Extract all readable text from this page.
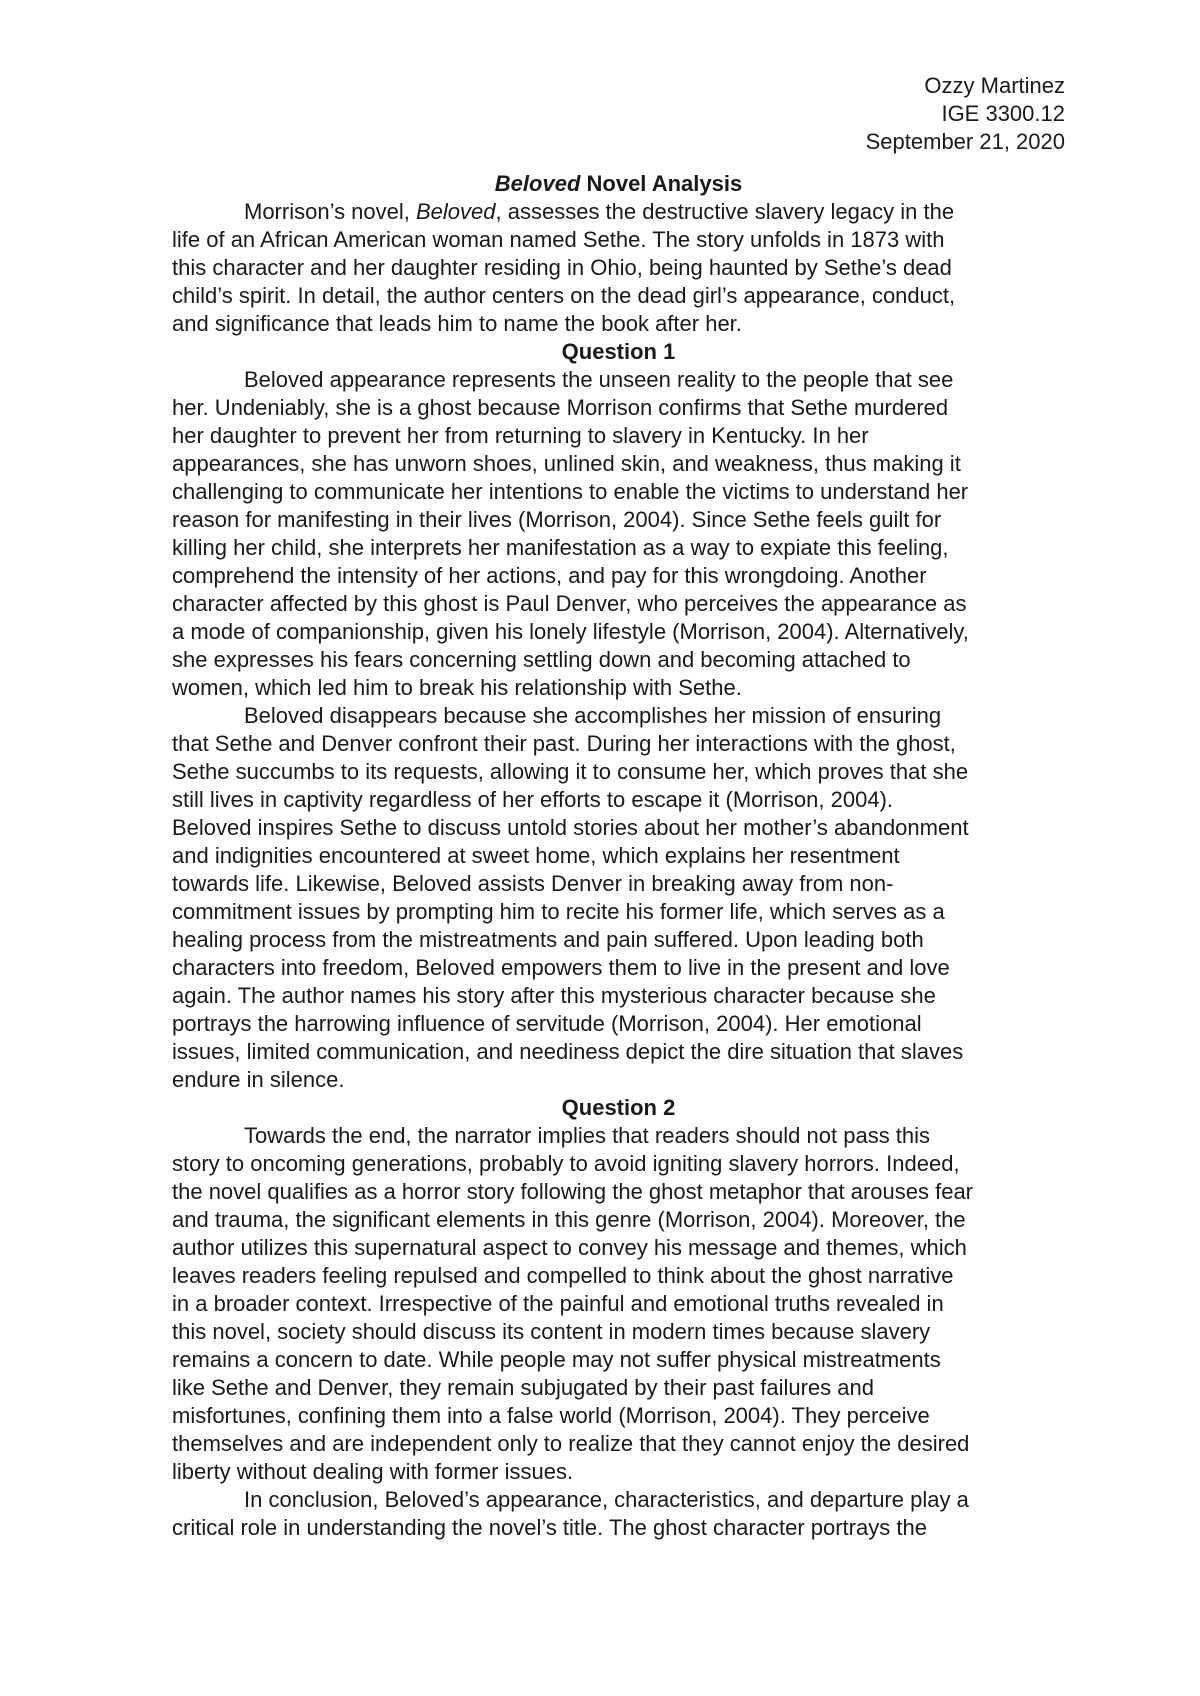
Ozzy Martinez
IGE 3300.12
September 21, 2020
Beloved Novel Analysis
Morrison’s novel, Beloved, assesses the destructive slavery legacy in the
life of an African American woman named Sethe. The story unfolds in 1873 with
this character and her daughter residing in Ohio, being haunted by Sethe’s dead
child’s spirit. In detail, the author centers on the dead girl’s appearance, conduct,
and significance that leads him to name the book after her.
Question 1
Beloved appearance represents the unseen reality to the people that see
her. Undeniably, she is a ghost because Morrison confirms that Sethe murdered
her daughter to prevent her from returning to slavery in Kentucky. In her
appearances, she has unworn shoes, unlined skin, and weakness, thus making it
challenging to communicate her intentions to enable the victims to understand her
reason for manifesting in their lives (Morrison, 2004). Since Sethe feels guilt for
killing her child, she interprets her manifestation as a way to expiate this feeling,
comprehend the intensity of her actions, and pay for this wrongdoing. Another
character affected by this ghost is Paul Denver, who perceives the appearance as
a mode of companionship, given his lonely lifestyle (Morrison, 2004). Alternatively,
she expresses his fears concerning settling down and becoming attached to
women, which led him to break his relationship with Sethe.
Beloved disappears because she accomplishes her mission of ensuring
that Sethe and Denver confront their past. During her interactions with the ghost,
Sethe succumbs to its requests, allowing it to consume her, which proves that she
still lives in captivity regardless of her efforts to escape it (Morrison, 2004).
Beloved inspires Sethe to discuss untold stories about her mother’s abandonment
and indignities encountered at sweet home, which explains her resentment
towards life. Likewise, Beloved assists Denver in breaking away from non-
commitment issues by prompting him to recite his former life, which serves as a
healing process from the mistreatments and pain suffered. Upon leading both
characters into freedom, Beloved empowers them to live in the present and love
again. The author names his story after this mysterious character because she
portrays the harrowing influence of servitude (Morrison, 2004). Her emotional
issues, limited communication, and neediness depict the dire situation that slaves
endure in silence.
Question 2
Towards the end, the narrator implies that readers should not pass this
story to oncoming generations, probably to avoid igniting slavery horrors. Indeed,
the novel qualifies as a horror story following the ghost metaphor that arouses fear
and trauma, the significant elements in this genre (Morrison, 2004). Moreover, the
author utilizes this supernatural aspect to convey his message and themes, which
leaves readers feeling repulsed and compelled to think about the ghost narrative
in a broader context. Irrespective of the painful and emotional truths revealed in
this novel, society should discuss its content in modern times because slavery
remains a concern to date. While people may not suffer physical mistreatments
like Sethe and Denver, they remain subjugated by their past failures and
misfortunes, confining them into a false world (Morrison, 2004). They perceive
themselves and are independent only to realize that they cannot enjoy the desired
liberty without dealing with former issues.
In conclusion, Beloved’s appearance, characteristics, and departure play a
critical role in understanding the novel’s title. The ghost character portrays the
